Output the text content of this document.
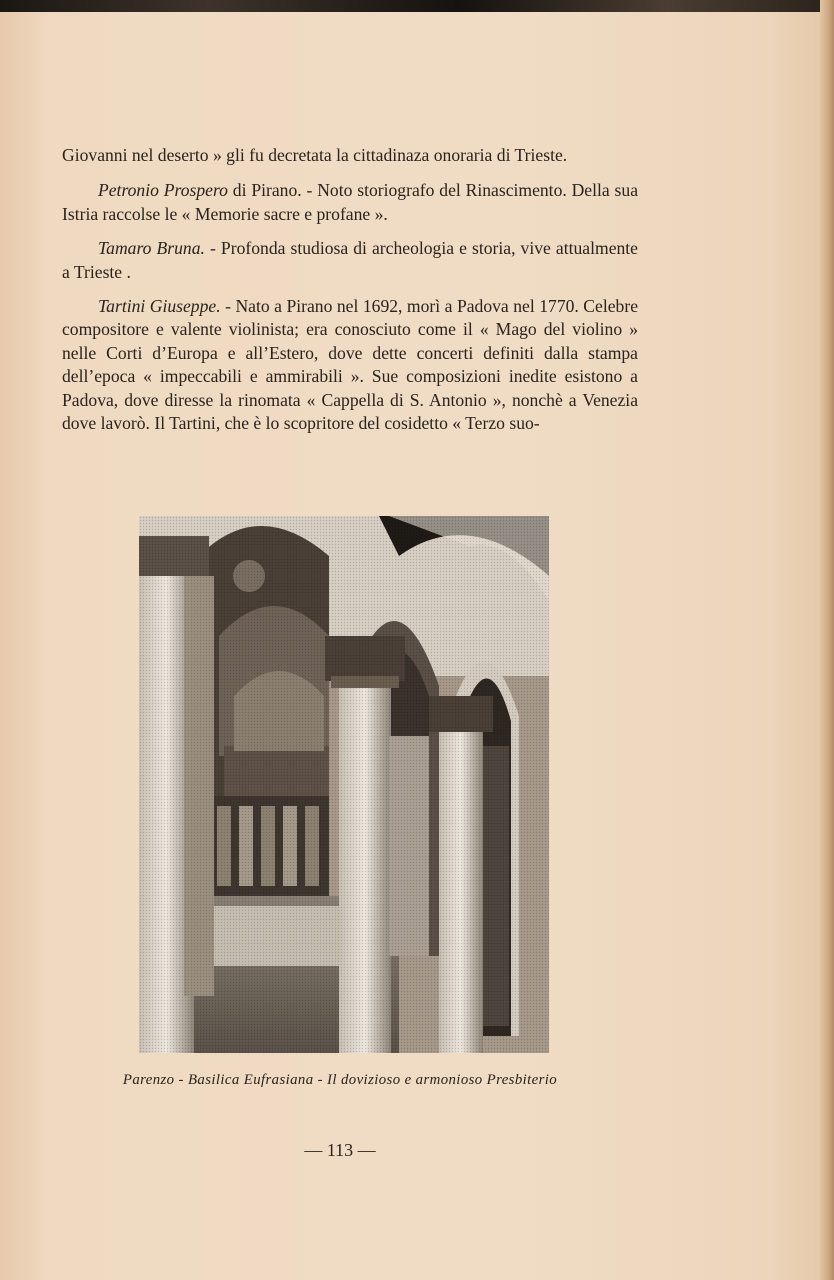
Giovanni nel deserto » gli fu decretata la cittadinaza onoraria di Trieste.

Petronio Prospero di Pirano. - Noto storiografo del Rinascimento. Della sua Istria raccolse le « Memorie sacre e profane ».

Tamaro Bruna. - Profonda studiosa di archeologia e storia, vive attualmente a Trieste .

Tartini Giuseppe. - Nato a Pirano nel 1692, morì a Padova nel 1770. Celebre compositore e valente violinista; era conosciuto come il « Mago del violino » nelle Corti d’Europa e all’Estero, dove dette concerti definiti dalla stampa dell’epoca « impeccabili e ammirabili ». Sue composizioni inedite esistono a Padova, dove diresse la rinomata « Cappella di S. Antonio », nonchè a Venezia dove lavorò. Il Tartini, che è lo scopritore del cosidetto « Terzo suo-

Parenzo - Basilica Eufrasiana - Il dovizioso e armonioso Presbiterio
— 113 —
